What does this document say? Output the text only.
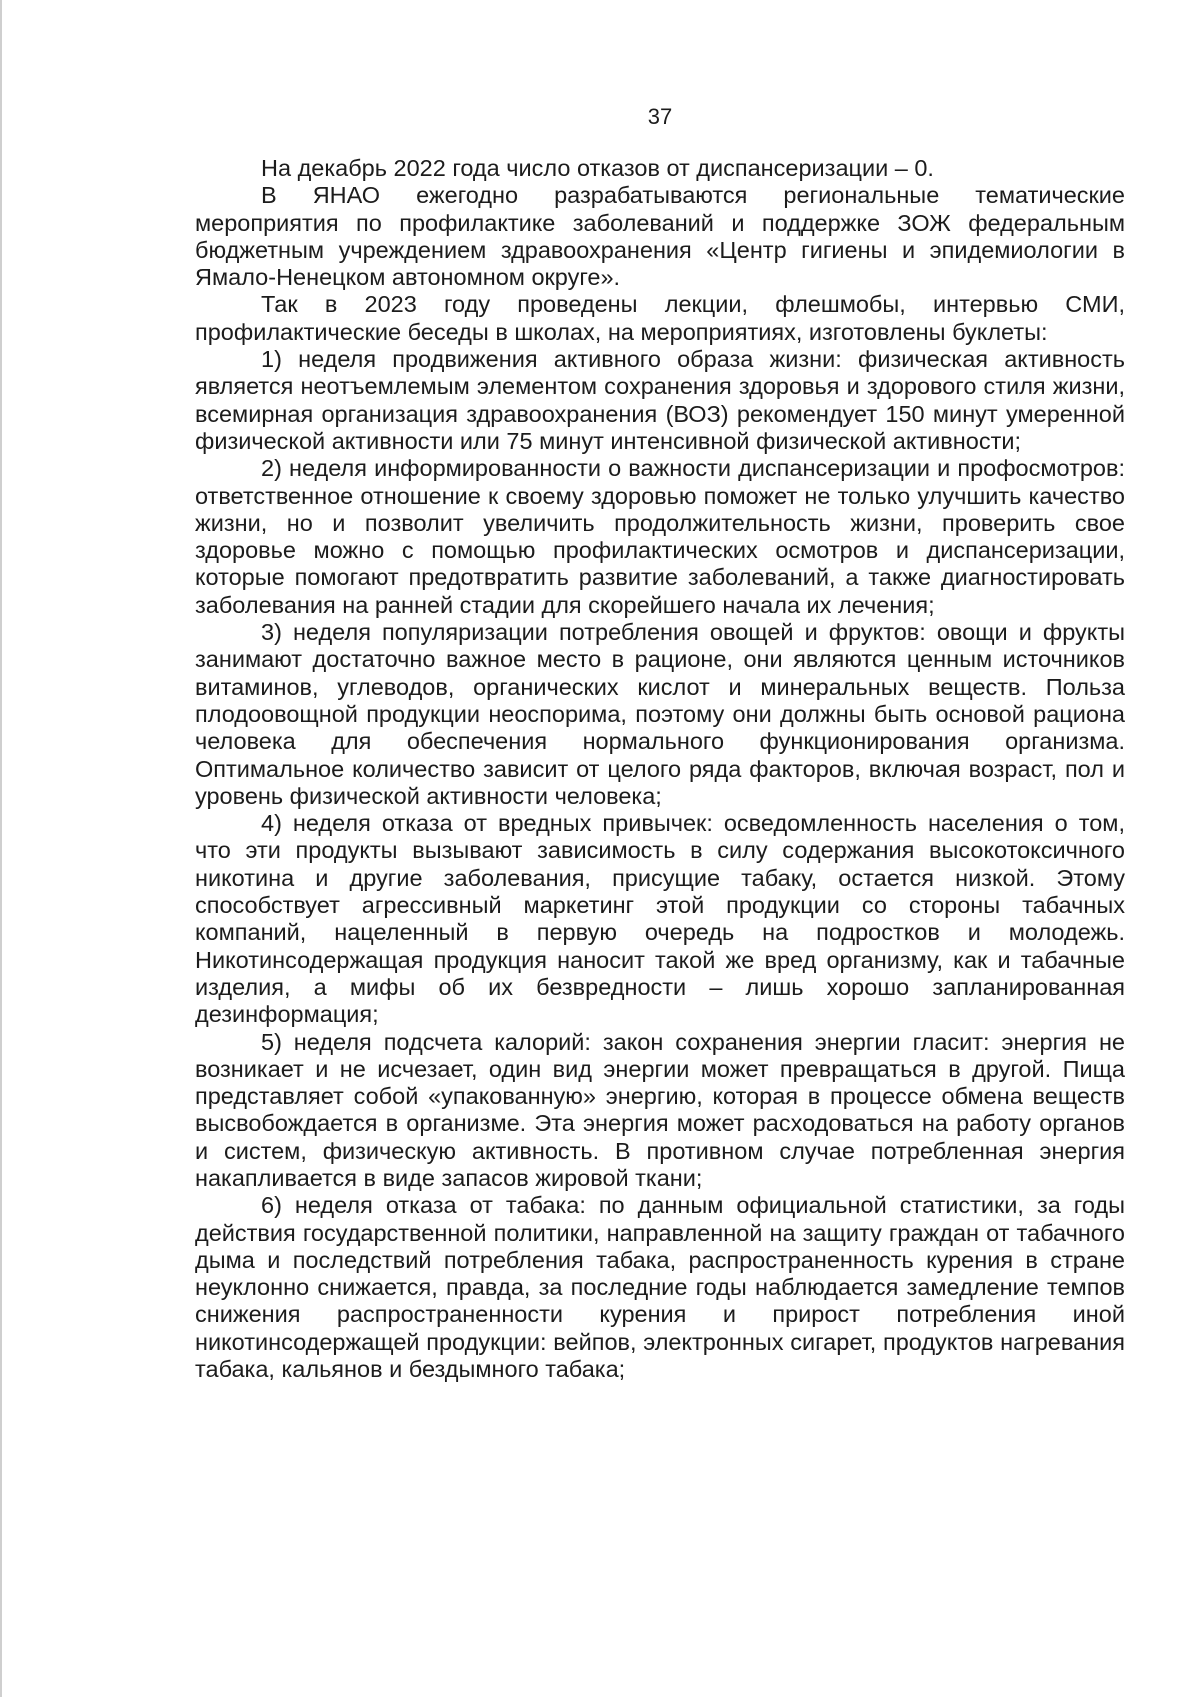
37

На декабрь 2022 года число отказов от диспансеризации – 0.

В ЯНАО ежегодно разрабатываются региональные тематические мероприятия по профилактике заболеваний и поддержке ЗОЖ федеральным бюджетным учреждением здравоохранения «Центр гигиены и эпидемиологии в Ямало-Ненецком автономном округе».

Так в 2023 году проведены лекции, флешмобы, интервью СМИ, профилактические беседы в школах, на мероприятиях, изготовлены буклеты:

1) неделя продвижения активного образа жизни: физическая активность является неотъемлемым элементом сохранения здоровья и здорового стиля жизни, всемирная организация здравоохранения (ВОЗ) рекомендует 150 минут умеренной физической активности или 75 минут интенсивной физической активности;

2) неделя информированности о важности диспансеризации и профосмотров: ответственное отношение к своему здоровью поможет не только улучшить качество жизни, но и позволит увеличить продолжительность жизни, проверить свое здоровье можно с помощью профилактических осмотров и диспансеризации, которые помогают предотвратить развитие заболеваний, а также диагностировать заболевания на ранней стадии для скорейшего начала их лечения;

3) неделя популяризации потребления овощей и фруктов: овощи и фрукты занимают достаточно важное место в рационе, они являются ценным источников витаминов, углеводов, органических кислот и минеральных веществ. Польза плодоовощной продукции неоспорима, поэтому они должны быть основой рациона человека для обеспечения нормального функционирования организма. Оптимальное количество зависит от целого ряда факторов, включая возраст, пол и уровень физической активности человека;

4) неделя отказа от вредных привычек: осведомленность населения о том, что эти продукты вызывают зависимость в силу содержания высокотоксичного никотина и другие заболевания, присущие табаку, остается низкой. Этому способствует агрессивный маркетинг этой продукции со стороны табачных компаний, нацеленный в первую очередь на подростков и молодежь. Никотинсодержащая продукция наносит такой же вред организму, как и табачные изделия, а мифы об их безвредности – лишь хорошо запланированная дезинформация;

5) неделя подсчета калорий: закон сохранения энергии гласит: энергия не возникает и не исчезает, один вид энергии может превращаться в другой. Пища представляет собой «упакованную» энергию, которая в процессе обмена веществ высвобождается в организме. Эта энергия может расходоваться на работу органов и систем, физическую активность. В противном случае потребленная энергия накапливается в виде запасов жировой ткани;

6) неделя отказа от табака: по данным официальной статистики, за годы действия государственной политики, направленной на защиту граждан от табачного дыма и последствий потребления табака, распространенность курения в стране неуклонно снижается, правда, за последние годы наблюдается замедление темпов снижения распространенности курения и прирост потребления иной никотинсодержащей продукции: вейпов, электронных сигарет, продуктов нагревания табака, кальянов и бездымного табака;
